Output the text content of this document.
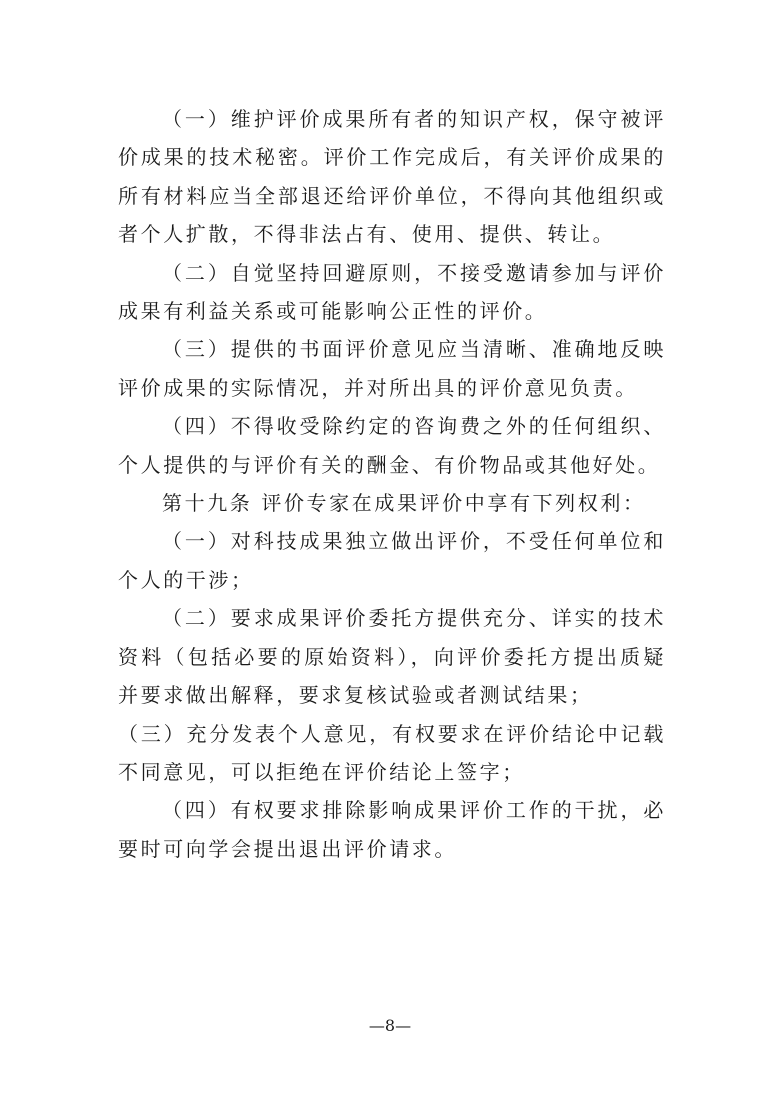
（一）维护评价成果所有者的知识产权，保守被评价成果的技术秘密。评价工作完成后，有关评价成果的所有材料应当全部退还给评价单位，不得向其他组织或者个人扩散，不得非法占有、使用、提供、转让。

（二）自觉坚持回避原则，不接受邀请参加与评价成果有利益关系或可能影响公正性的评价。

（三）提供的书面评价意见应当清晰、准确地反映评价成果的实际情况，并对所出具的评价意见负责。

（四）不得收受除约定的咨询费之外的任何组织、个人提供的与评价有关的酬金、有价物品或其他好处。

第十九条 评价专家在成果评价中享有下列权利：

（一）对科技成果独立做出评价，不受任何单位和个人的干涉；

（二）要求成果评价委托方提供充分、详实的技术资料（包括必要的原始资料），向评价委托方提出质疑并要求做出解释，要求复核试验或者测试结果；

（三）充分发表个人意见，有权要求在评价结论中记载不同意见，可以拒绝在评价结论上签字；

（四）有权要求排除影响成果评价工作的干扰，必要时可向学会提出退出评价请求。

—8—
